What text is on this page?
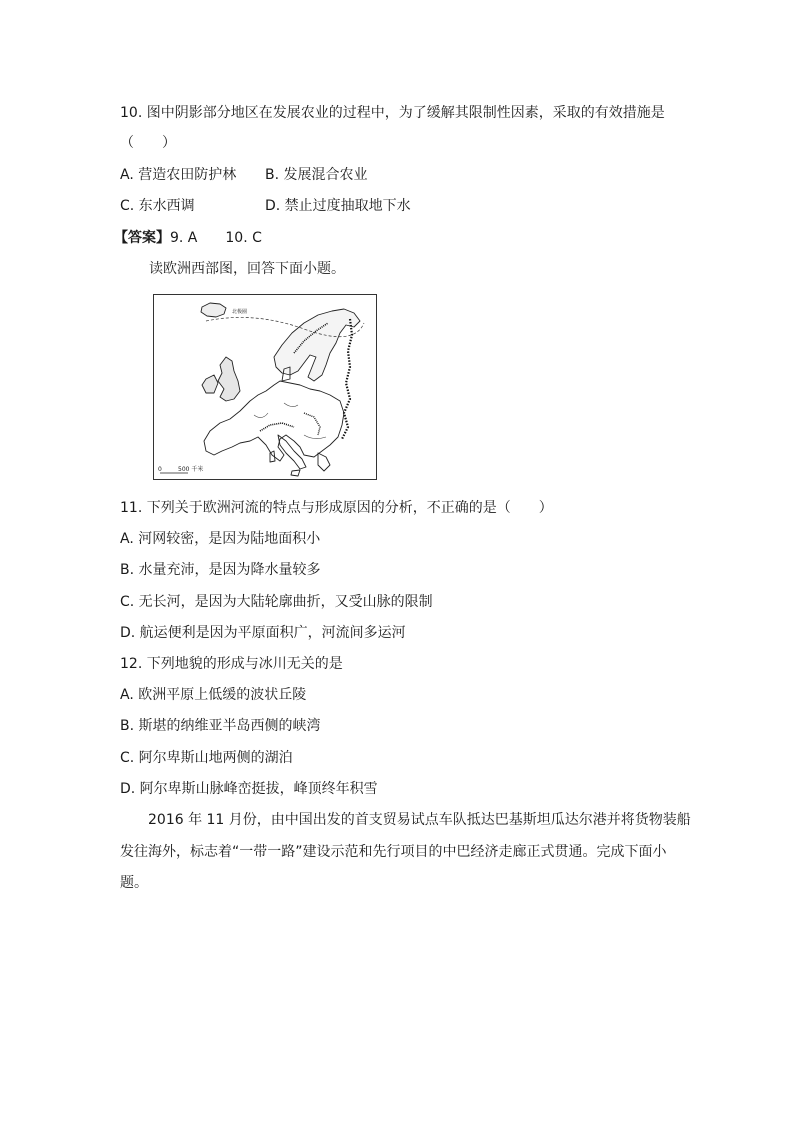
10. 图中阴影部分地区在发展农业的过程中，为了缓解其限制性因素，采取的有效措施是
（　　）
A. 营造农田防护林 B. 发展混合农业
C. 东水西调	D. 禁止过度抽取地下水
【答案】9. A　　10. C
读欧洲西部图，回答下面小题。
北极圈
0	500 千米
11. 下列关于欧洲河流的特点与形成原因的分析，不正确的是（　　）
A. 河网较密，是因为陆地面积小
B. 水量充沛，是因为降水量较多
C. 无长河，是因为大陆轮廓曲折，又受山脉的限制
D. 航运便利是因为平原面积广，河流间多运河
12. 下列地貌的形成与冰川无关的是
A. 欧洲平原上低缓的波状丘陵
B. 斯堪的纳维亚半岛西侧的峡湾
C. 阿尔卑斯山地两侧的湖泊
D. 阿尔卑斯山脉峰峦挺拔，峰顶终年积雪
2016 年 11 月份，由中国出发的首支贸易试点车队抵达巴基斯坦瓜达尔港并将货物装船
发往海外，标志着“一带一路”建设示范和先行项目的中巴经济走廊正式贯通。完成下面小
题。
